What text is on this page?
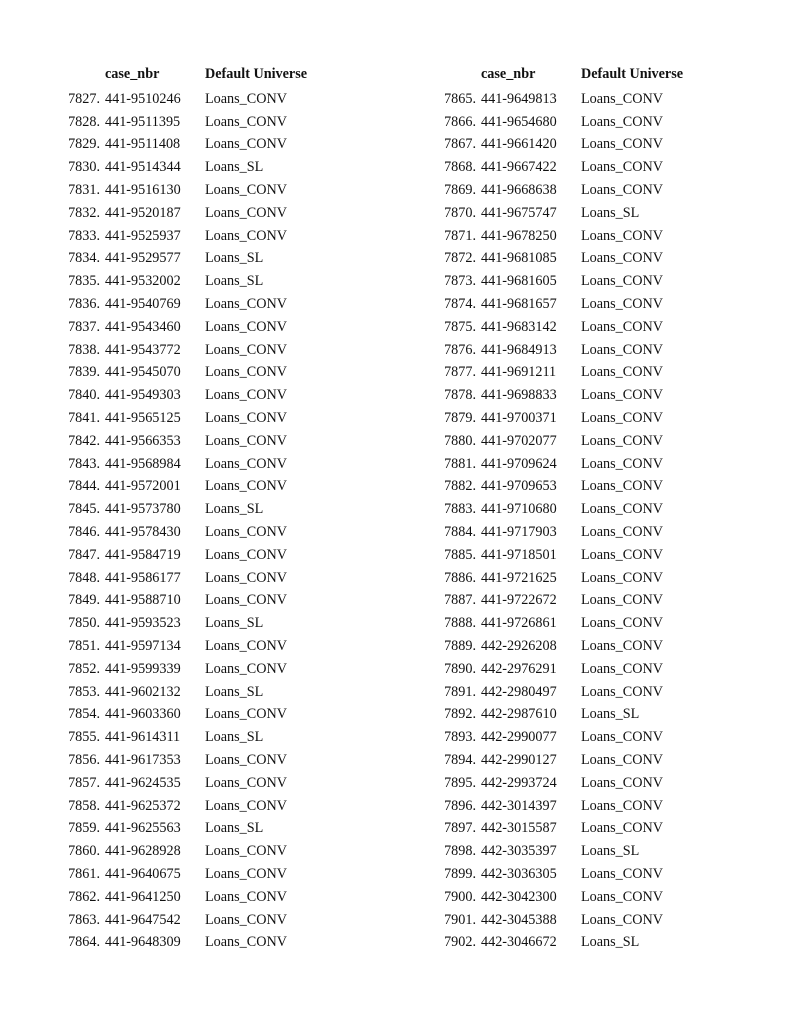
	case_nbr	Default Universe
7827.	441-9510246	Loans_CONV
7828.	441-9511395	Loans_CONV
7829.	441-9511408	Loans_CONV
7830.	441-9514344	Loans_SL
7831.	441-9516130	Loans_CONV
7832.	441-9520187	Loans_CONV
7833.	441-9525937	Loans_CONV
7834.	441-9529577	Loans_SL
7835.	441-9532002	Loans_SL
7836.	441-9540769	Loans_CONV
7837.	441-9543460	Loans_CONV
7838.	441-9543772	Loans_CONV
7839.	441-9545070	Loans_CONV
7840.	441-9549303	Loans_CONV
7841.	441-9565125	Loans_CONV
7842.	441-9566353	Loans_CONV
7843.	441-9568984	Loans_CONV
7844.	441-9572001	Loans_CONV
7845.	441-9573780	Loans_SL
7846.	441-9578430	Loans_CONV
7847.	441-9584719	Loans_CONV
7848.	441-9586177	Loans_CONV
7849.	441-9588710	Loans_CONV
7850.	441-9593523	Loans_SL
7851.	441-9597134	Loans_CONV
7852.	441-9599339	Loans_CONV
7853.	441-9602132	Loans_SL
7854.	441-9603360	Loans_CONV
7855.	441-9614311	Loans_SL
7856.	441-9617353	Loans_CONV
7857.	441-9624535	Loans_CONV
7858.	441-9625372	Loans_CONV
7859.	441-9625563	Loans_SL
7860.	441-9628928	Loans_CONV
7861.	441-9640675	Loans_CONV
7862.	441-9641250	Loans_CONV
7863.	441-9647542	Loans_CONV
7864.	441-9648309	Loans_CONV
	case_nbr	Default Universe
7865.	441-9649813	Loans_CONV
7866.	441-9654680	Loans_CONV
7867.	441-9661420	Loans_CONV
7868.	441-9667422	Loans_CONV
7869.	441-9668638	Loans_CONV
7870.	441-9675747	Loans_SL
7871.	441-9678250	Loans_CONV
7872.	441-9681085	Loans_CONV
7873.	441-9681605	Loans_CONV
7874.	441-9681657	Loans_CONV
7875.	441-9683142	Loans_CONV
7876.	441-9684913	Loans_CONV
7877.	441-9691211	Loans_CONV
7878.	441-9698833	Loans_CONV
7879.	441-9700371	Loans_CONV
7880.	441-9702077	Loans_CONV
7881.	441-9709624	Loans_CONV
7882.	441-9709653	Loans_CONV
7883.	441-9710680	Loans_CONV
7884.	441-9717903	Loans_CONV
7885.	441-9718501	Loans_CONV
7886.	441-9721625	Loans_CONV
7887.	441-9722672	Loans_CONV
7888.	441-9726861	Loans_CONV
7889.	442-2926208	Loans_CONV
7890.	442-2976291	Loans_CONV
7891.	442-2980497	Loans_CONV
7892.	442-2987610	Loans_SL
7893.	442-2990077	Loans_CONV
7894.	442-2990127	Loans_CONV
7895.	442-2993724	Loans_CONV
7896.	442-3014397	Loans_CONV
7897.	442-3015587	Loans_CONV
7898.	442-3035397	Loans_SL
7899.	442-3036305	Loans_CONV
7900.	442-3042300	Loans_CONV
7901.	442-3045388	Loans_CONV
7902.	442-3046672	Loans_SL
